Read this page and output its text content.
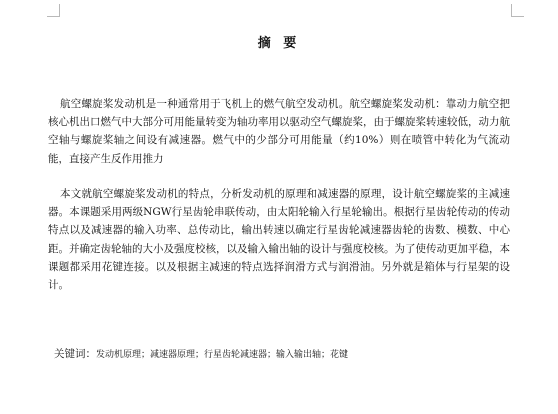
摘 要

航空螺旋桨发动机是一种通常用于飞机上的燃气航空发动机。航空螺旋桨发动机：靠动力航空把核心机出口燃气中大部分可用能量转变为轴功率用以驱动空气螺旋桨，由于螺旋桨转速较低，动力航空轴与螺旋桨轴之间设有减速器。燃气中的少部分可用能量（约10%）则在喷管中转化为气流动能，直接产生反作用推力

本文就航空螺旋桨发动机的特点，分析发动机的原理和减速器的原理，设计航空螺旋桨的主减速器。本课题采用两级NGW行星齿轮串联传动，由太阳轮输入行星轮输出。根据行星齿轮传动的传动特点以及减速器的输入功率、总传动比，输出转速以确定行星齿轮减速器齿轮的齿数、模数、中心距。并确定齿轮轴的大小及强度校核，以及输入输出轴的设计与强度校核。为了使传动更加平稳，本课题都采用花键连接。以及根据主减速的特点选择润滑方式与润滑油。另外就是箱体与行星架的设计。

关键词：发动机原理；减速器原理；行星齿轮减速器；输入输出轴；花键
